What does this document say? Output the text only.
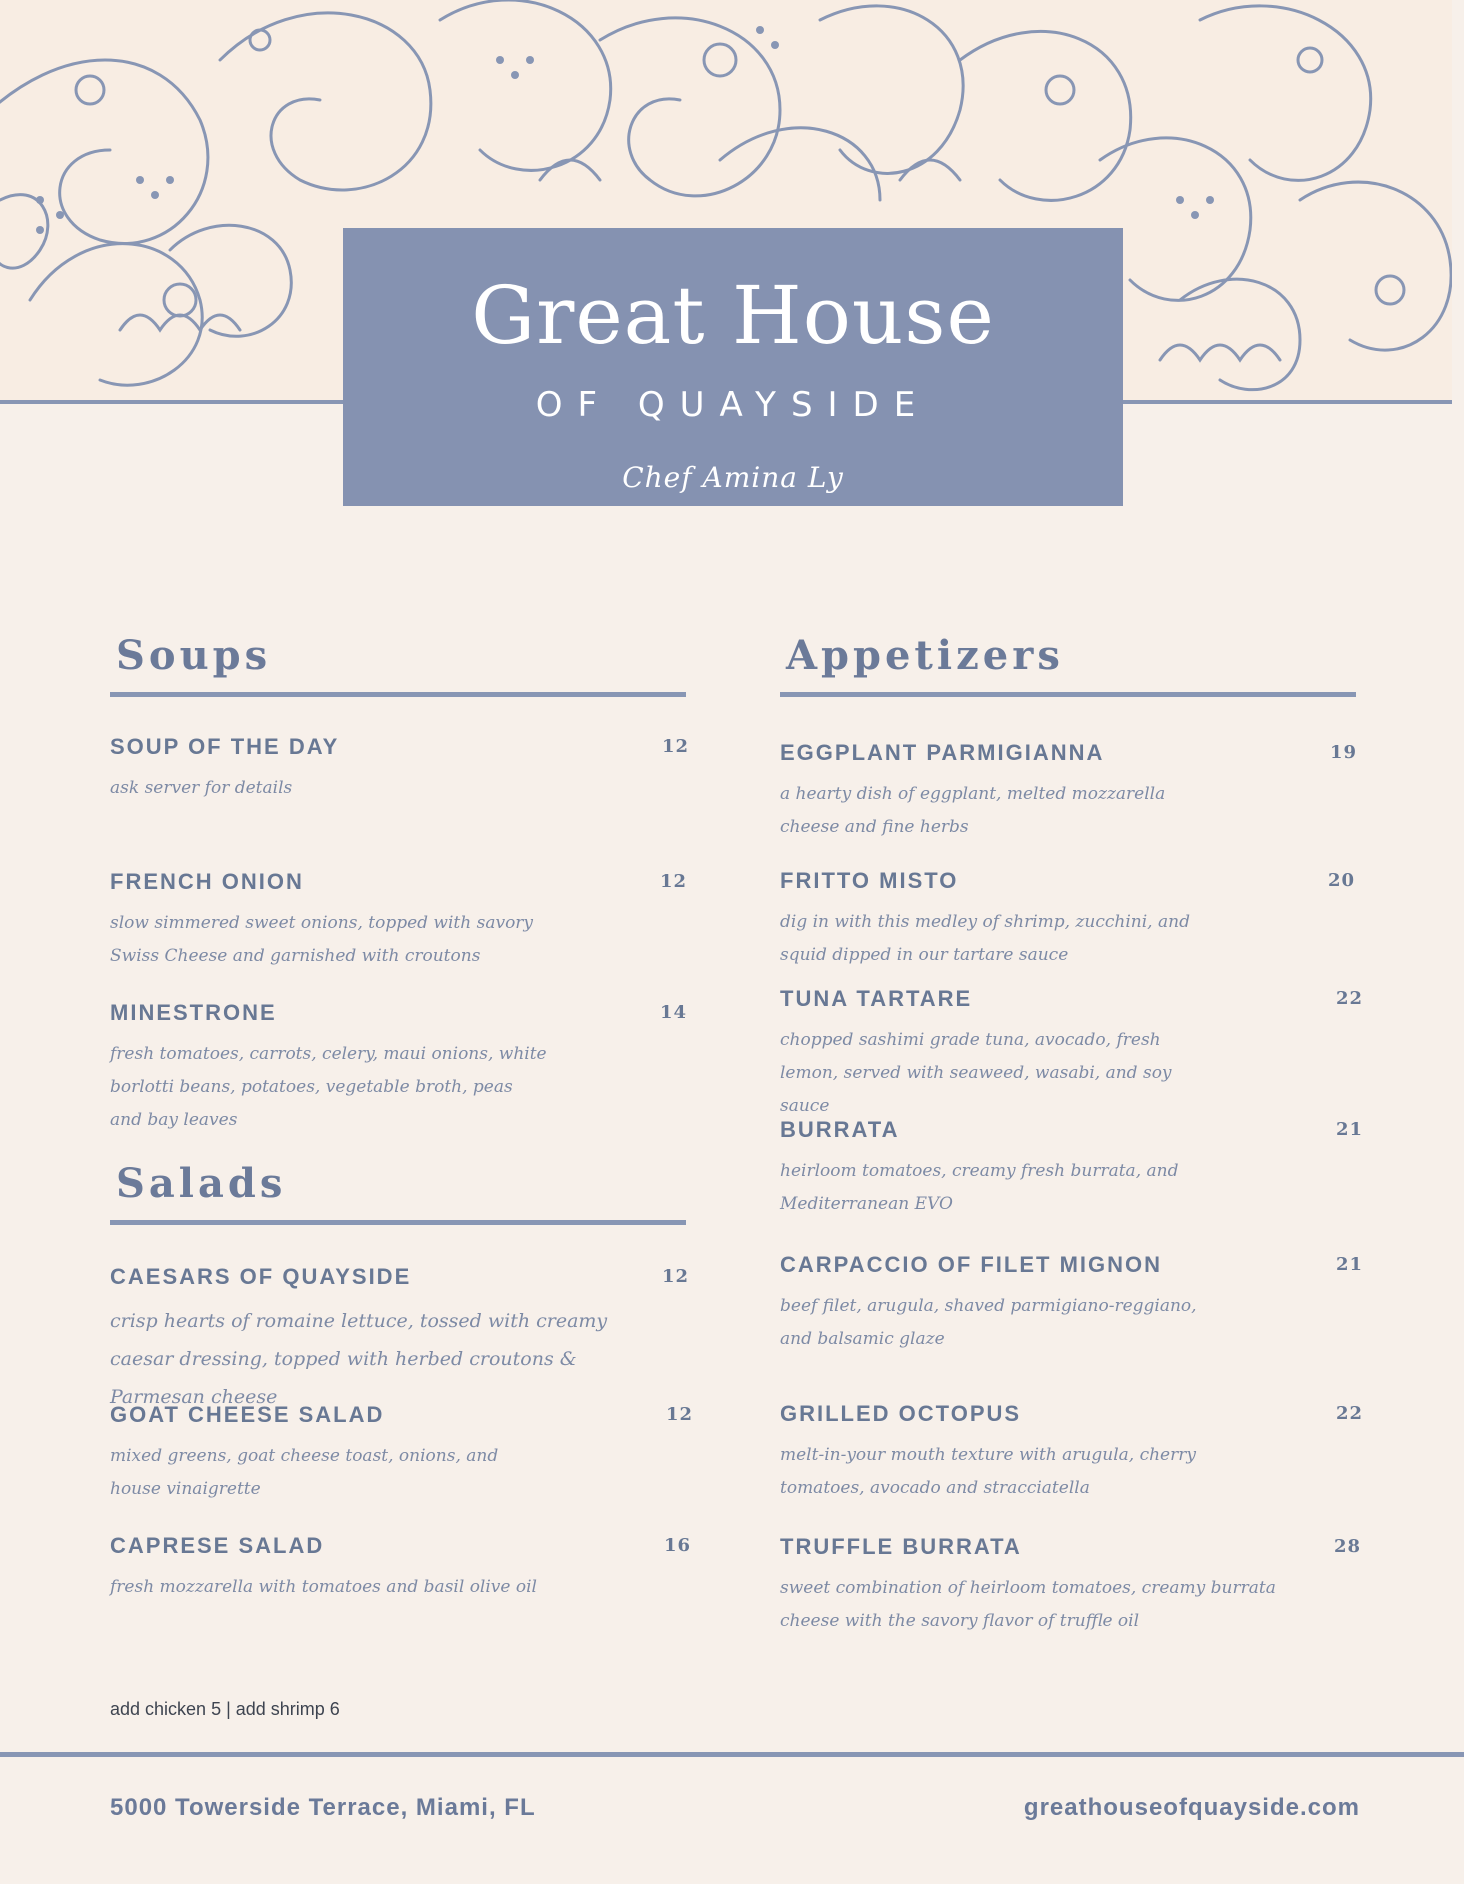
Great House
OF QUAYSIDE
Chef Amina Ly
Soups
SOUP OF THE DAY	12
ask server for details
FRENCH ONION	12
slow simmered sweet onions, topped with savory Swiss Cheese and garnished with croutons
MINESTRONE	14
fresh tomatoes, carrots, celery, maui onions, white borlotti beans, potatoes, vegetable broth, peas and bay leaves
Salads
CAESARS OF QUAYSIDE	12
crisp hearts of romaine lettuce, tossed with creamy caesar dressing, topped with herbed croutons & Parmesan cheese
GOAT CHEESE SALAD	12
mixed greens, goat cheese toast, onions, and house vinaigrette
CAPRESE SALAD	16
fresh mozzarella with tomatoes and basil olive oil
Appetizers
EGGPLANT PARMIGIANNA	19
a hearty dish of eggplant, melted mozzarella cheese and fine herbs
FRITTO MISTO	20
dig in with this medley of shrimp, zucchini, and squid dipped in our tartare sauce
TUNA TARTARE	22
chopped sashimi grade tuna, avocado, fresh lemon, served with seaweed, wasabi, and soy sauce
BURRATA	21
heirloom tomatoes, creamy fresh burrata, and Mediterranean EVO
CARPACCIO OF FILET MIGNON	21
beef filet, arugula, shaved parmigiano-reggiano, and balsamic glaze
GRILLED OCTOPUS	22
melt-in-your mouth texture with arugula, cherry tomatoes, avocado and stracciatella
TRUFFLE BURRATA	28
sweet combination of heirloom tomatoes, creamy burrata cheese with the savory flavor of truffle oil
add chicken 5 | add shrimp 6
5000 Towerside Terrace, Miami, FL	greathouseofquayside.com
